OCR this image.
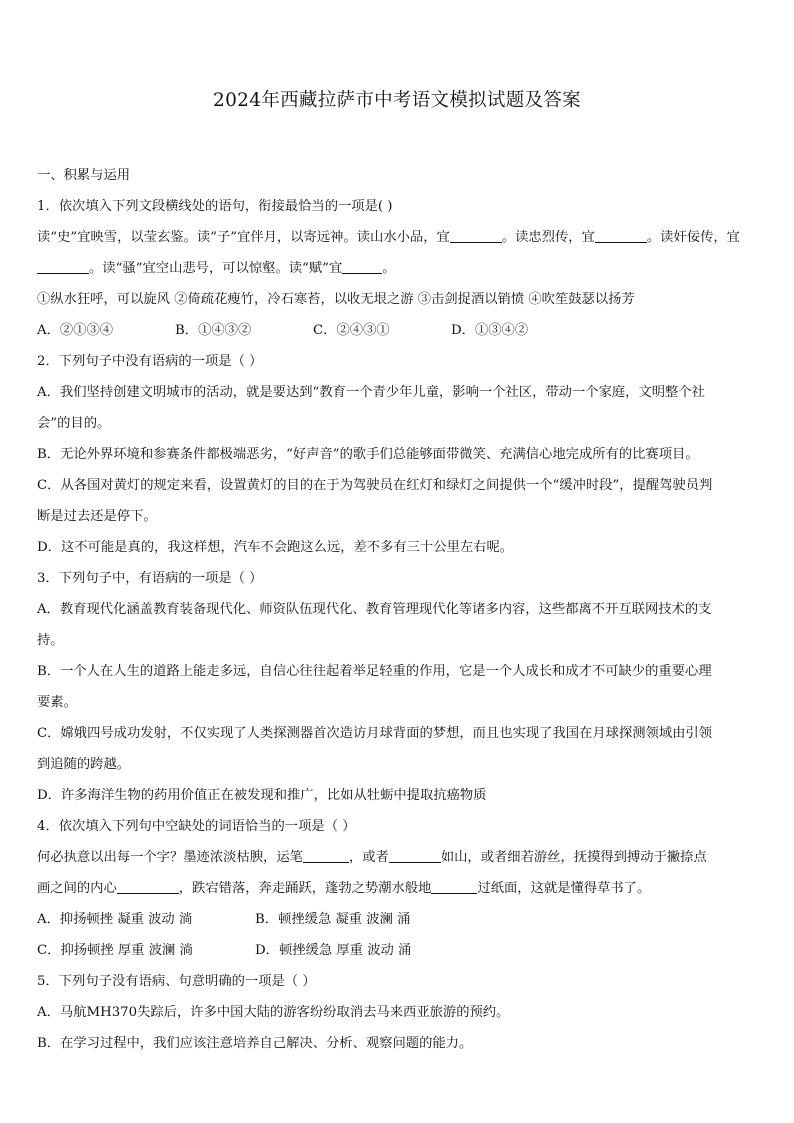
2024年西藏拉萨市中考语文模拟试题及答案
一、积累与运用
1．依次填入下列文段横线处的语句，衔接最恰当的一项是( )
读“史”宜映雪，以莹玄鉴。读“子”宜伴月，以寄远神。读山水小品，宜	。读忠烈传，宜	。读奸佞传，宜
。读“骚”宜空山悲号，可以惊壑。读“赋”宜	。
①纵水狂呼，可以旋风 ②倚疏花瘦竹，冷石寒苔，以收无垠之游 ③击剑捉酒以销愤 ④吹笙鼓瑟以扬芳
A．②①③④	B．①④③②	C．②④③①	D．①③④②
2．下列句子中没有语病的一项是（ ）
A．我们坚持创建文明城市的活动，就是要达到“教育一个青少年儿童，影响一个社区，带动一个家庭，文明整个社
会”的目的。
B．无论外界环境和参赛条件都极端恶劣，“好声音”的歌手们总能够面带微笑、充满信心地完成所有的比赛项目。
C．从各国对黄灯的规定来看，设置黄灯的目的在于为驾驶员在红灯和绿灯之间提供一个“缓冲时段”，提醒驾驶员判
断是过去还是停下。
D．这不可能是真的，我这样想，汽车不会跑这么远，差不多有三十公里左右呢。
3．下列句子中，有语病的一项是（ ）
A．教育现代化涵盖教育装备现代化、师资队伍现代化、教育管理现代化等诸多内容，这些都离不开互联网技术的支
持。
B．一个人在人生的道路上能走多远，自信心往往起着举足轻重的作用，它是一个人成长和成才不可缺少的重要心理
要素。
C．嫦娥四号成功发射，不仅实现了人类探测器首次造访月球背面的梦想，而且也实现了我国在月球探测领域由引领
到追随的跨越。
D．许多海洋生物的药用价值正在被发现和推广，比如从牡蛎中提取抗癌物质
4．依次填入下列句中空缺处的词语恰当的一项是（ ）
何必执意以出每一个字？墨迹浓淡枯腴，运笔	，或者	如山，或者细若游丝，抚摸得到搏动于撇捺点
画之间的内心	，跌宕错落，奔走踊跃，蓬勃之势潮水般地	过纸面，这就是懂得草书了。
A．抑扬顿挫 凝重 波动 淌	B．顿挫缓急 凝重 波澜 涌
C．抑扬顿挫 厚重 波澜 淌	D．顿挫缓急 厚重 波动 涌
5．下列句子没有语病、句意明确的一项是（ ）
A．马航MH370失踪后，许多中国大陆的游客纷纷取消去马来西亚旅游的预约。
B．在学习过程中，我们应该注意培养自己解决、分析、观察问题的能力。
